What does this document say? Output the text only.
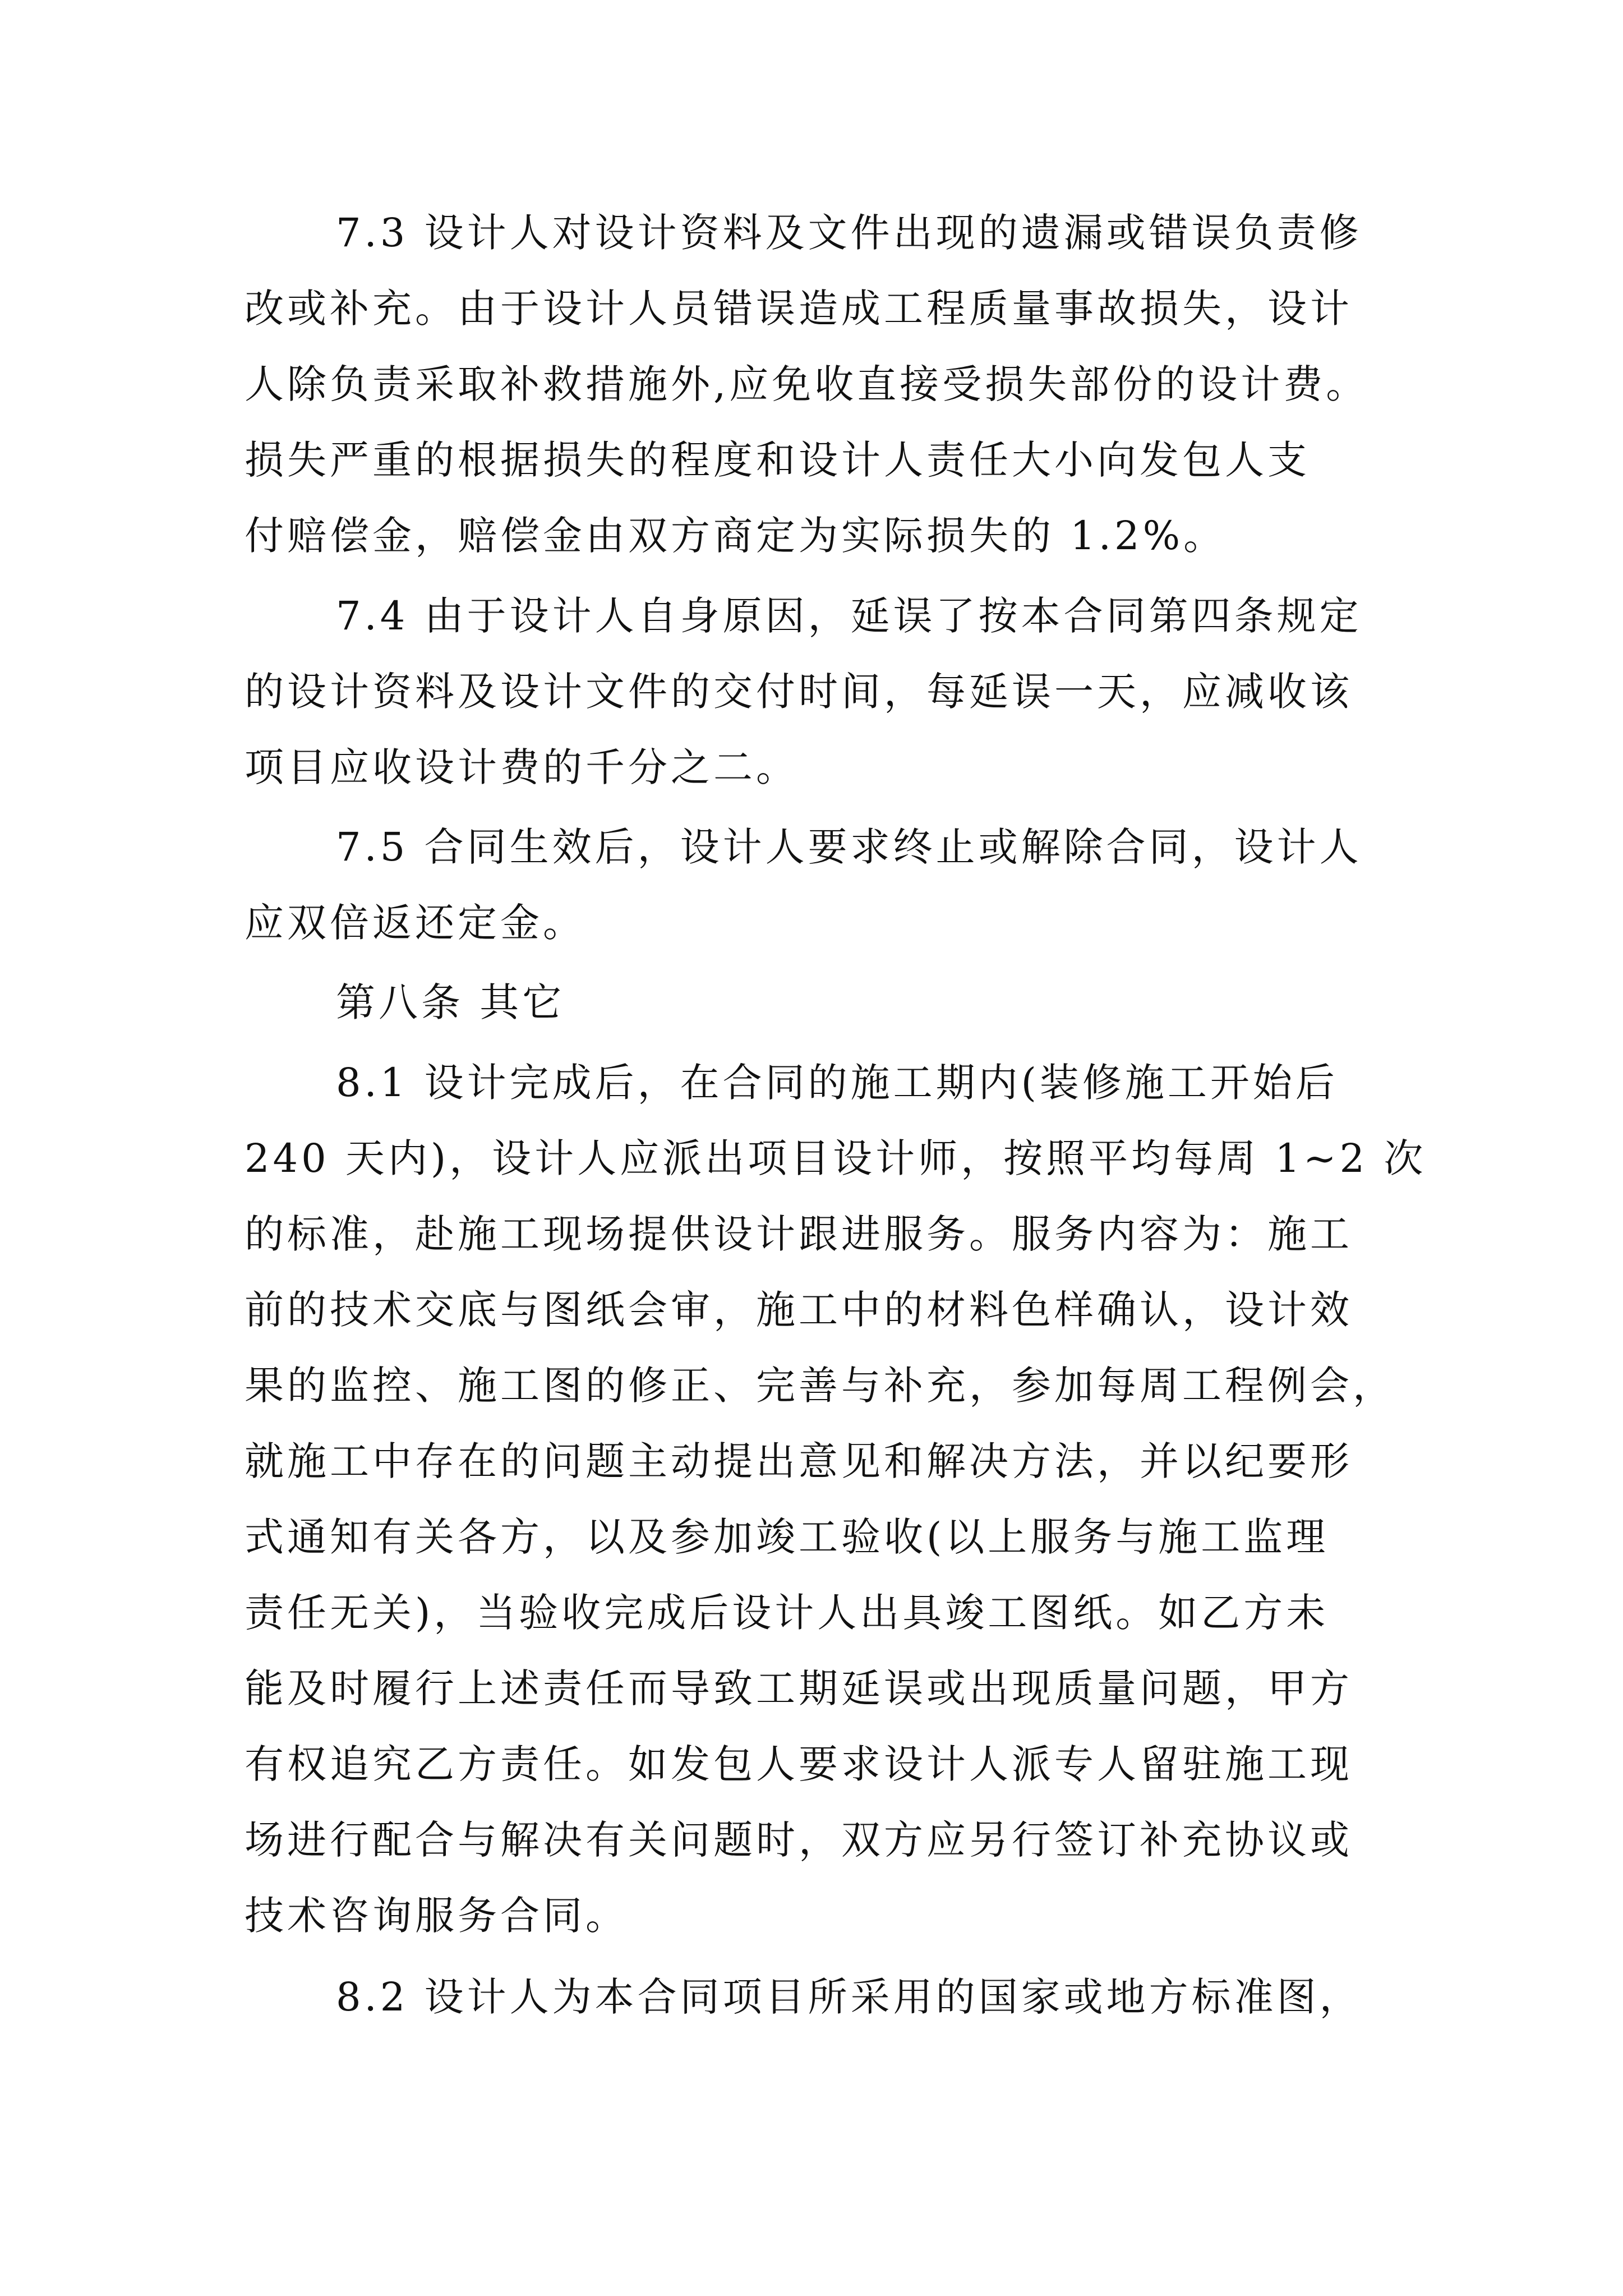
7.3 设计人对设计资料及文件出现的遗漏或错误负责修
改或补充。由于设计人员错误造成工程质量事故损失，设计
人除负责采取补救措施外,应免收直接受损失部份的设计费。
损失严重的根据损失的程度和设计人责任大小向发包人支
付赔偿金，赔偿金由双方商定为实际损失的 1.2%。
7.4 由于设计人自身原因，延误了按本合同第四条规定
的设计资料及设计文件的交付时间，每延误一天，应减收该
项目应收设计费的千分之二。
7.5 合同生效后，设计人要求终止或解除合同，设计人
应双倍返还定金。
第八条 其它
8.1 设计完成后，在合同的施工期内(装修施工开始后
240 天内)，设计人应派出项目设计师，按照平均每周 1~2 次
的标准，赴施工现场提供设计跟进服务。服务内容为：施工
前的技术交底与图纸会审，施工中的材料色样确认，设计效
果的监控、施工图的修正、完善与补充，参加每周工程例会，
就施工中存在的问题主动提出意见和解决方法，并以纪要形
式通知有关各方，以及参加竣工验收(以上服务与施工监理
责任无关)，当验收完成后设计人出具竣工图纸。如乙方未
能及时履行上述责任而导致工期延误或出现质量问题，甲方
有权追究乙方责任。如发包人要求设计人派专人留驻施工现
场进行配合与解决有关问题时，双方应另行签订补充协议或
技术咨询服务合同。
8.2 设计人为本合同项目所采用的国家或地方标准图，
